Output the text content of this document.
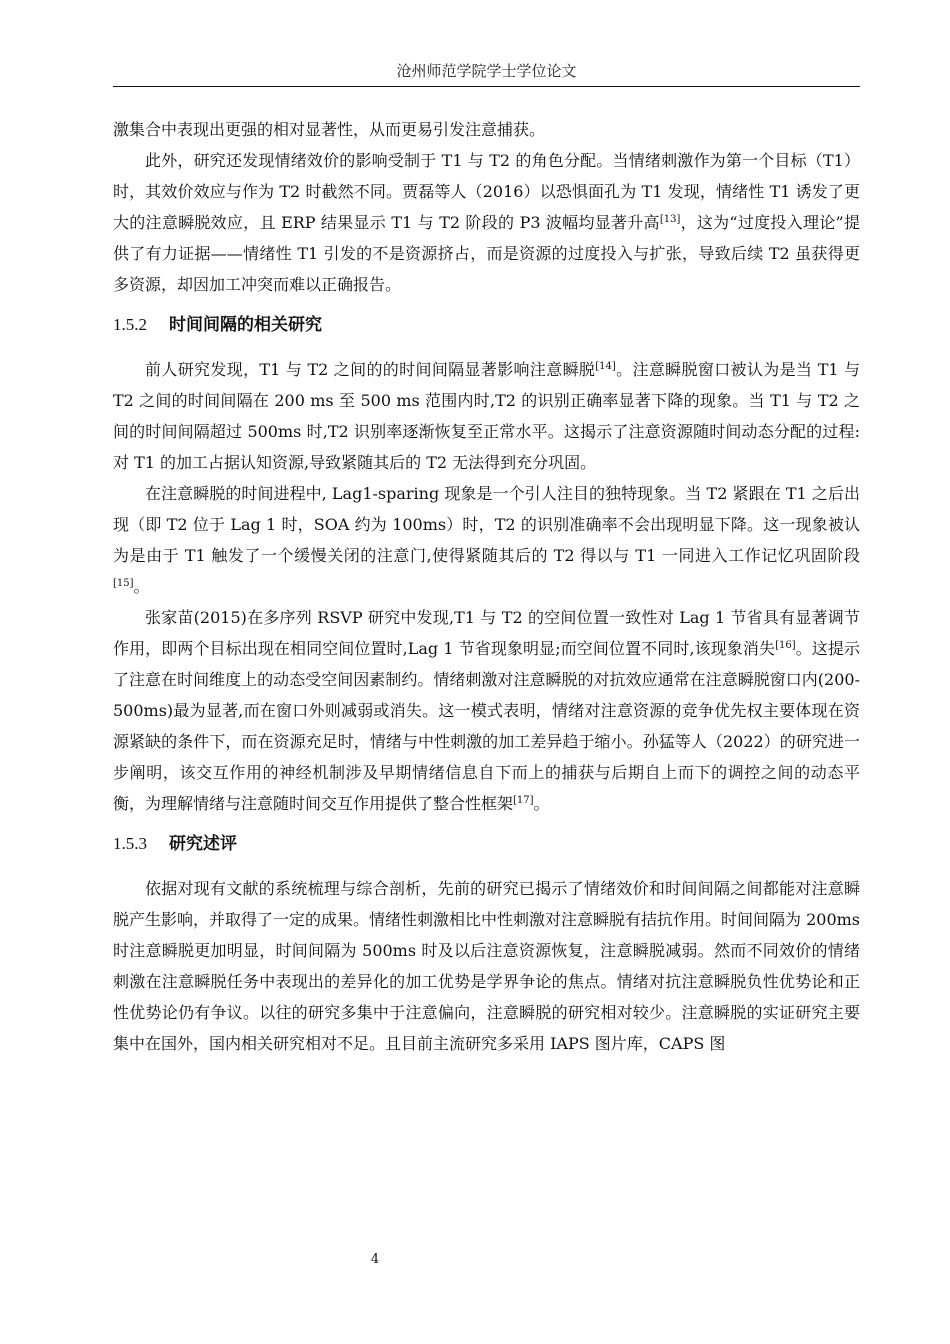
沧州师范学院学士学位论文

激集合中表现出更强的相对显著性，从而更易引发注意捕获。

此外，研究还发现情绪效价的影响受制于 T1 与 T2 的角色分配。当情绪刺激作为第一个目标（T1）时，其效价效应与作为 T2 时截然不同。贾磊等人（2016）以恐惧面孔为 T1 发现，情绪性 T1 诱发了更大的注意瞬脱效应，且 ERP 结果显示 T1 与 T2 阶段的 P3 波幅均显著升高[13]，这为“过度投入理论”提供了有力证据——情绪性 T1 引发的不是资源挤占，而是资源的过度投入与扩张，导致后续 T2 虽获得更多资源，却因加工冲突而难以正确报告。

1.5.2 时间间隔的相关研究

前人研究发现，T1 与 T2 之间的的时间间隔显著影响注意瞬脱[14]。注意瞬脱窗口被认为是当 T1 与 T2 之间的时间间隔在 200 ms 至 500 ms 范围内时,T2 的识别正确率显著下降的现象。当 T1 与 T2 之间的时间间隔超过 500ms 时,T2 识别率逐渐恢复至正常水平。这揭示了注意资源随时间动态分配的过程:对 T1 的加工占据认知资源,导致紧随其后的 T2 无法得到充分巩固。

在注意瞬脱的时间进程中, Lag1-sparing 现象是一个引人注目的独特现象。当 T2 紧跟在 T1 之后出现（即 T2 位于 Lag 1 时，SOA 约为 100ms）时，T2 的识别准确率不会出现明显下降。这一现象被认为是由于 T1 触发了一个缓慢关闭的注意门,使得紧随其后的 T2 得以与 T1 一同进入工作记忆巩固阶段[15]。

张家苗(2015)在多序列 RSVP 研究中发现,T1 与 T2 的空间位置一致性对 Lag 1 节省具有显著调节作用，即两个目标出现在相同空间位置时,Lag 1 节省现象明显;而空间位置不同时,该现象消失[16]。这提示了注意在时间维度上的动态受空间因素制约。情绪刺激对注意瞬脱的对抗效应通常在注意瞬脱窗口内(200-500ms)最为显著,而在窗口外则减弱或消失。这一模式表明，情绪对注意资源的竞争优先权主要体现在资源紧缺的条件下，而在资源充足时，情绪与中性刺激的加工差异趋于缩小。孙猛等人（2022）的研究进一步阐明，该交互作用的神经机制涉及早期情绪信息自下而上的捕获与后期自上而下的调控之间的动态平衡，为理解情绪与注意随时间交互作用提供了整合性框架[17]。

1.5.3 研究述评

依据对现有文献的系统梳理与综合剖析，先前的研究已揭示了情绪效价和时间间隔之间都能对注意瞬脱产生影响，并取得了一定的成果。情绪性刺激相比中性刺激对注意瞬脱有拮抗作用。时间间隔为 200ms 时注意瞬脱更加明显，时间间隔为 500ms 时及以后注意资源恢复，注意瞬脱减弱。然而不同效价的情绪刺激在注意瞬脱任务中表现出的差异化的加工优势是学界争论的焦点。情绪对抗注意瞬脱负性优势论和正性优势论仍有争议。以往的研究多集中于注意偏向，注意瞬脱的研究相对较少。注意瞬脱的实证研究主要集中在国外，国内相关研究相对不足。且目前主流研究多采用 IAPS 图片库，CAPS 图

4
